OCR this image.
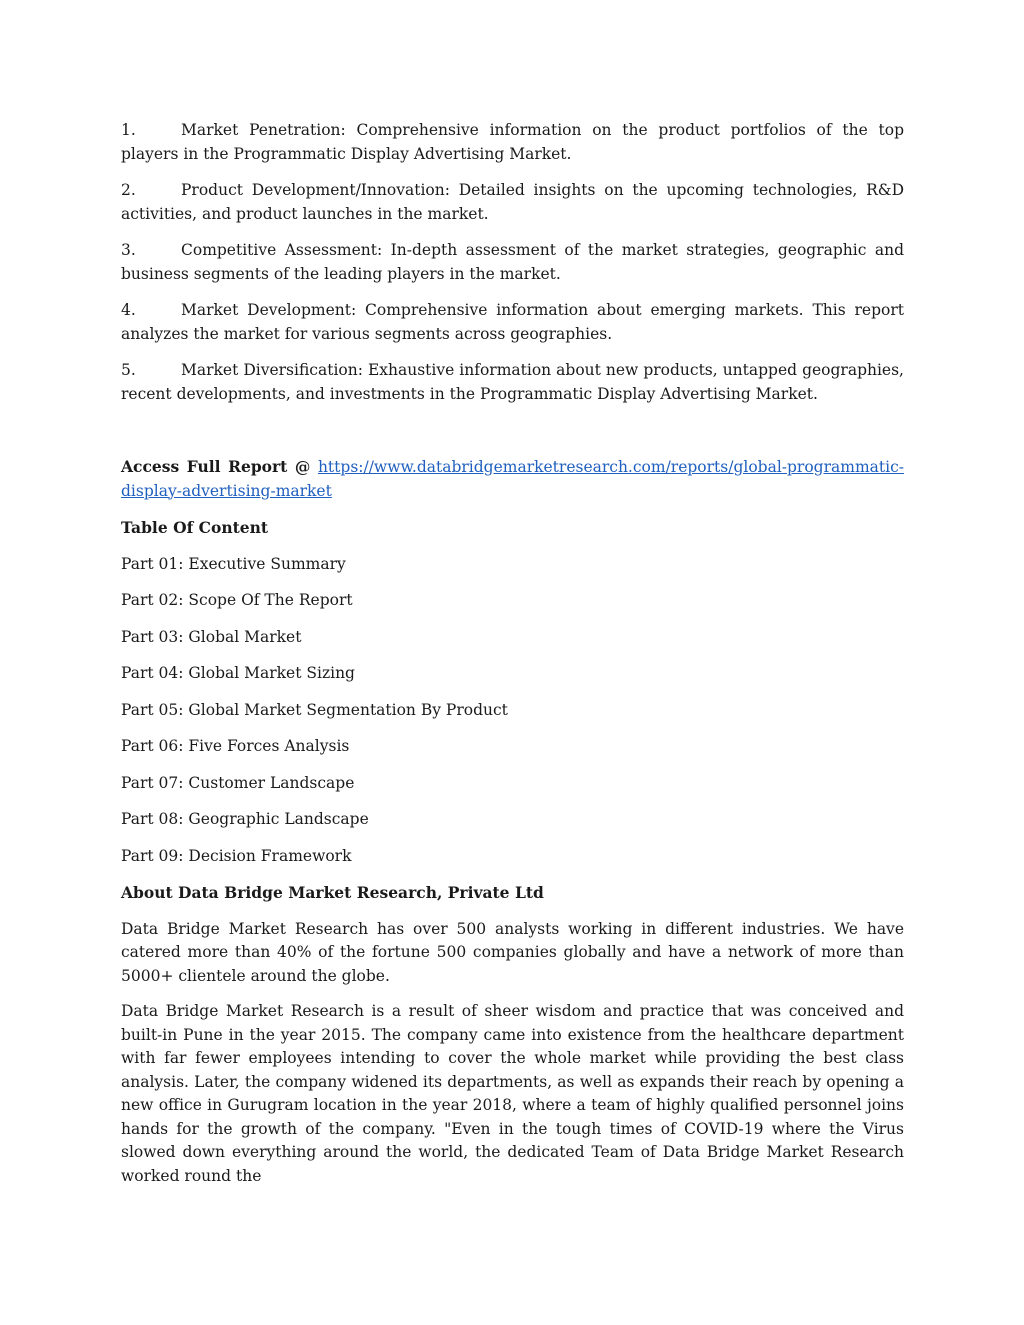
1.	Market Penetration: Comprehensive information on the product portfolios of the top players in the Programmatic Display Advertising Market.

2.	Product Development/Innovation: Detailed insights on the upcoming technologies, R&D activities, and product launches in the market.

3.	Competitive Assessment: In-depth assessment of the market strategies, geographic and business segments of the leading players in the market.

4.	Market Development: Comprehensive information about emerging markets. This report analyzes the market for various segments across geographies.

5.	Market Diversification: Exhaustive information about new products, untapped geographies, recent developments, and investments in the Programmatic Display Advertising Market.

Access Full Report @ https://www.databridgemarketresearch.com/reports/global-programmatic-display-advertising-market

Table Of Content

Part 01: Executive Summary

Part 02: Scope Of The Report

Part 03: Global Market

Part 04: Global Market Sizing

Part 05: Global Market Segmentation By Product

Part 06: Five Forces Analysis

Part 07: Customer Landscape

Part 08: Geographic Landscape

Part 09: Decision Framework

About Data Bridge Market Research, Private Ltd

Data Bridge Market Research has over 500 analysts working in different industries. We have catered more than 40% of the fortune 500 companies globally and have a network of more than 5000+ clientele around the globe.

Data Bridge Market Research is a result of sheer wisdom and practice that was conceived and built-in Pune in the year 2015. The company came into existence from the healthcare department with far fewer employees intending to cover the whole market while providing the best class analysis. Later, the company widened its departments, as well as expands their reach by opening a new office in Gurugram location in the year 2018, where a team of highly qualified personnel joins hands for the growth of the company. "Even in the tough times of COVID-19 where the Virus slowed down everything around the world, the dedicated Team of Data Bridge Market Research worked round the
